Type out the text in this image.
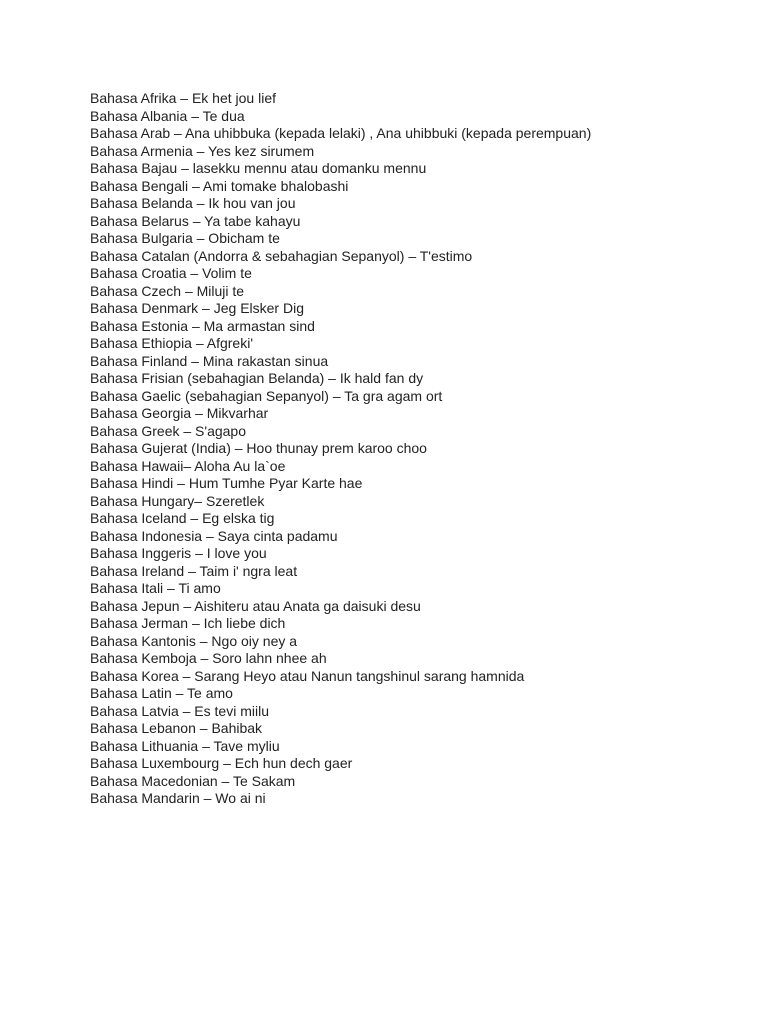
Bahasa Afrika – Ek het jou lief
Bahasa Albania – Te dua
Bahasa Arab – Ana uhibbuka (kepada lelaki) , Ana uhibbuki (kepada perempuan)
Bahasa Armenia – Yes kez sirumem
Bahasa Bajau – lasekku mennu atau domanku mennu
Bahasa Bengali – Ami tomake bhalobashi
Bahasa Belanda – Ik hou van jou
Bahasa Belarus – Ya tabe kahayu
Bahasa Bulgaria – Obicham te
Bahasa Catalan (Andorra & sebahagian Sepanyol) – T'estimo
Bahasa Croatia – Volim te
Bahasa Czech – Miluji te
Bahasa Denmark – Jeg Elsker Dig
Bahasa Estonia – Ma armastan sind
Bahasa Ethiopia – Afgreki'
Bahasa Finland – Mina rakastan sinua
Bahasa Frisian (sebahagian Belanda) – Ik hald fan dy
Bahasa Gaelic (sebahagian Sepanyol) – Ta gra agam ort
Bahasa Georgia – Mikvarhar
Bahasa Greek – S'agapo
Bahasa Gujerat (India) – Hoo thunay prem karoo choo
Bahasa Hawaii– Aloha Au la`oe
Bahasa Hindi – Hum Tumhe Pyar Karte hae
Bahasa Hungary– Szeretlek
Bahasa Iceland – Eg elska tig
Bahasa Indonesia – Saya cinta padamu
Bahasa Inggeris – I love you
Bahasa Ireland – Taim i' ngra leat
Bahasa Itali – Ti amo
Bahasa Jepun – Aishiteru atau Anata ga daisuki desu
Bahasa Jerman – Ich liebe dich
Bahasa Kantonis – Ngo oiy ney a
Bahasa Kemboja – Soro lahn nhee ah
Bahasa Korea – Sarang Heyo atau Nanun tangshinul sarang hamnida
Bahasa Latin – Te amo
Bahasa Latvia – Es tevi miilu
Bahasa Lebanon – Bahibak
Bahasa Lithuania – Tave myliu
Bahasa Luxembourg – Ech hun dech gaer
Bahasa Macedonian – Te Sakam
Bahasa Mandarin – Wo ai ni
